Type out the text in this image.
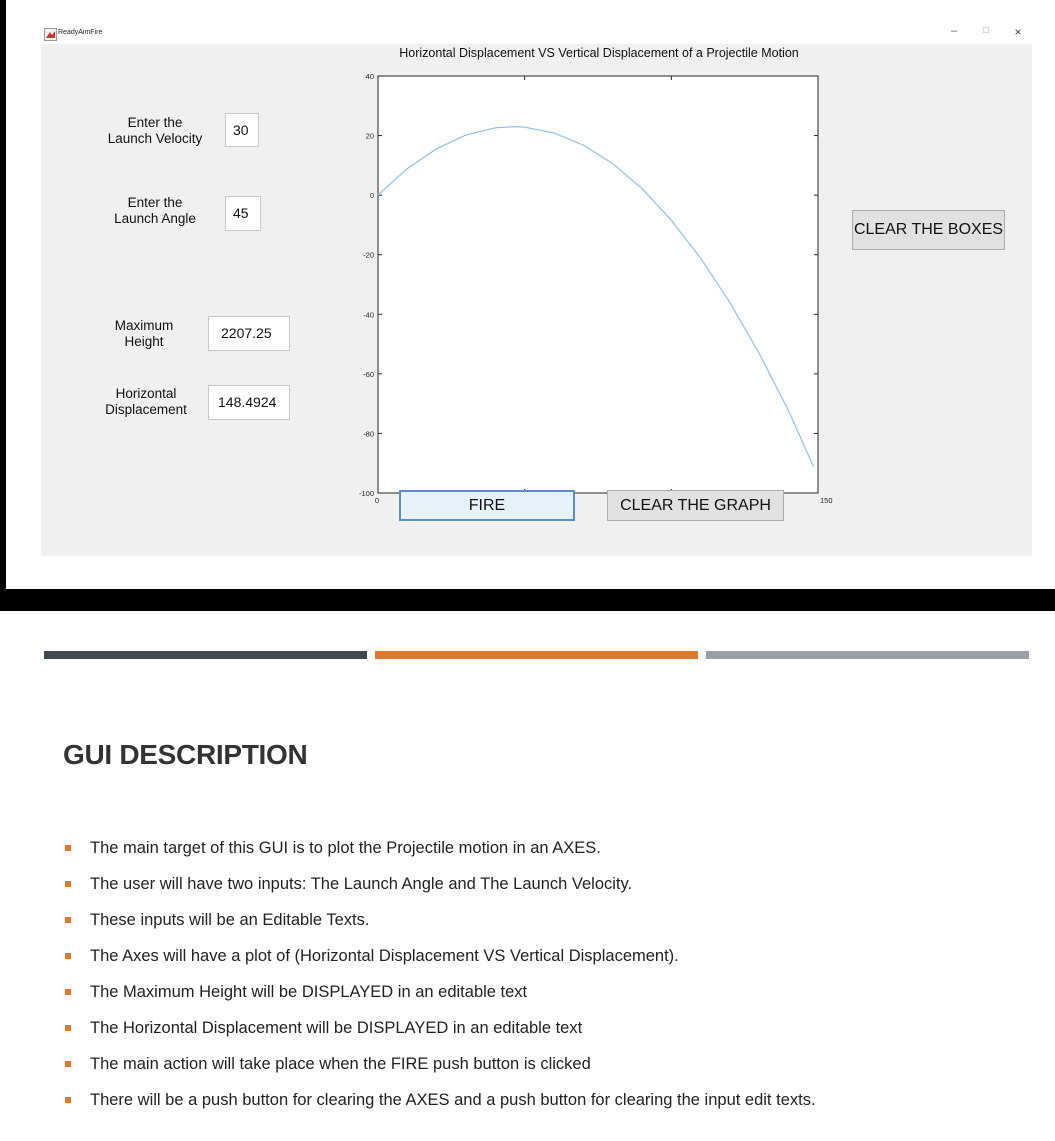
ReadyAimFire	–	□	×
Enter the
Launch Velocity
30
Enter the
Launch Angle	45
Maximum
Height
2207.25
Horizontal
Displacement	148.4924
Horizontal Displacement VS Vertical Displacement of a Projectile Motion
40
20
0
-20
-40
-60
-80
-100
0	150
FIRE	CLEAR THE GRAPH
CLEAR THE BOXES
GUI DESCRIPTION
The main target of this GUI is to plot the Projectile motion in an AXES.
The user will have two inputs: The Launch Angle and The Launch Velocity.
These inputs will be an Editable Texts.
The Axes will have a plot of (Horizontal Displacement VS Vertical Displacement).
The Maximum Height will be DISPLAYED in an editable text
The Horizontal Displacement will be DISPLAYED in an editable text
The main action will take place when the FIRE push button is clicked
There will be a push button for clearing the AXES and a push button for clearing the input edit texts.
